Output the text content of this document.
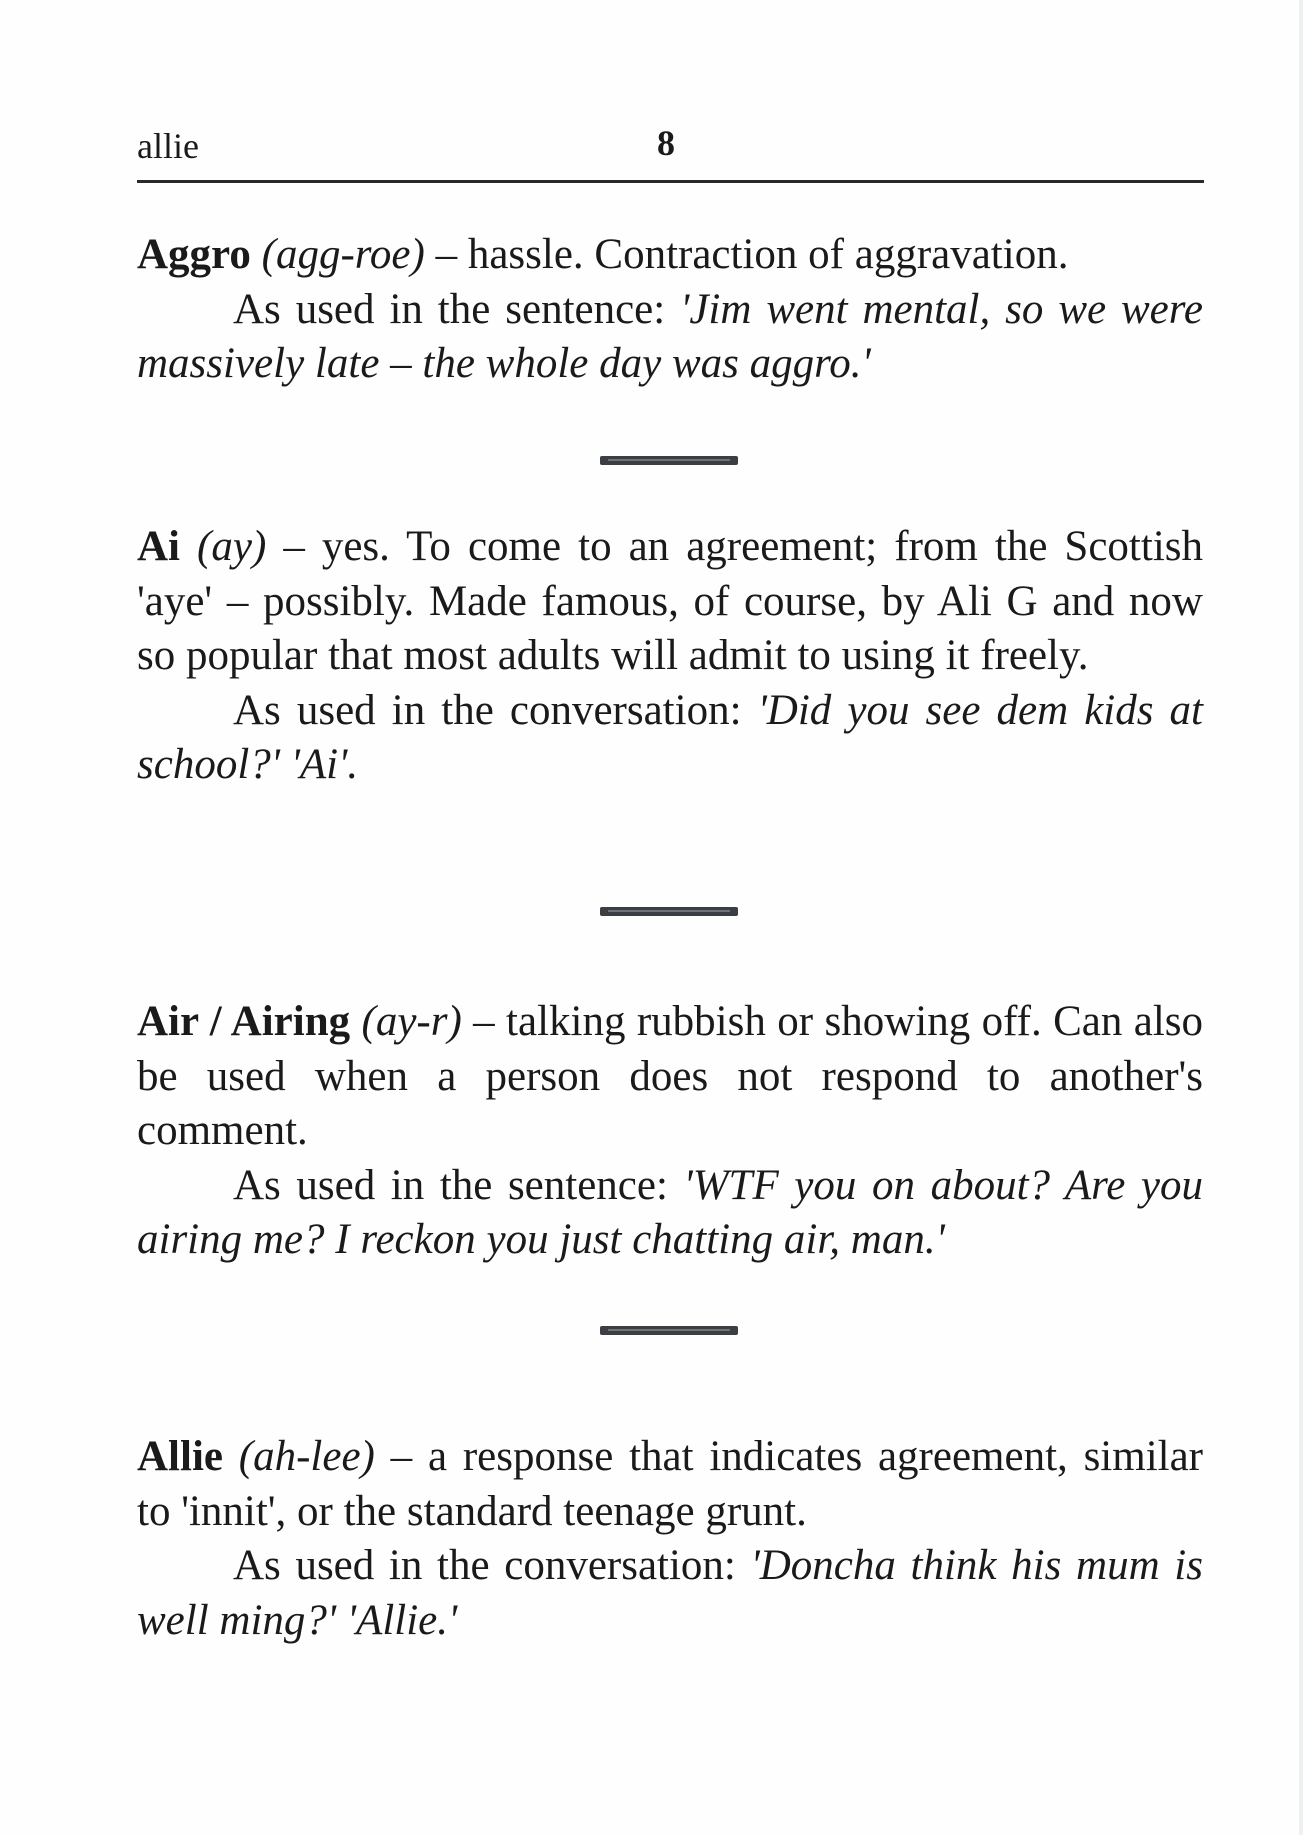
allie	8

Aggro (agg-roe) – hassle. Contraction of aggravation.

As used in the sentence: 'Jim went mental, so we were massively late – the whole day was aggro.'

Ai (ay) – yes. To come to an agreement; from the Scottish 'aye' – possibly. Made famous, of course, by Ali G and now so popular that most adults will admit to using it freely.

As used in the conversation: 'Did you see dem kids at school?' 'Ai'.

Air / Airing (ay-r) – talking rubbish or showing off. Can also be used when a person does not respond to another's comment.

As used in the sentence: 'WTF you on about? Are you airing me? I reckon you just chatting air, man.'

Allie (ah-lee) – a response that indicates agreement, similar to 'innit', or the standard teenage grunt.

As used in the conversation: 'Doncha think his mum is well ming?' 'Allie.'
